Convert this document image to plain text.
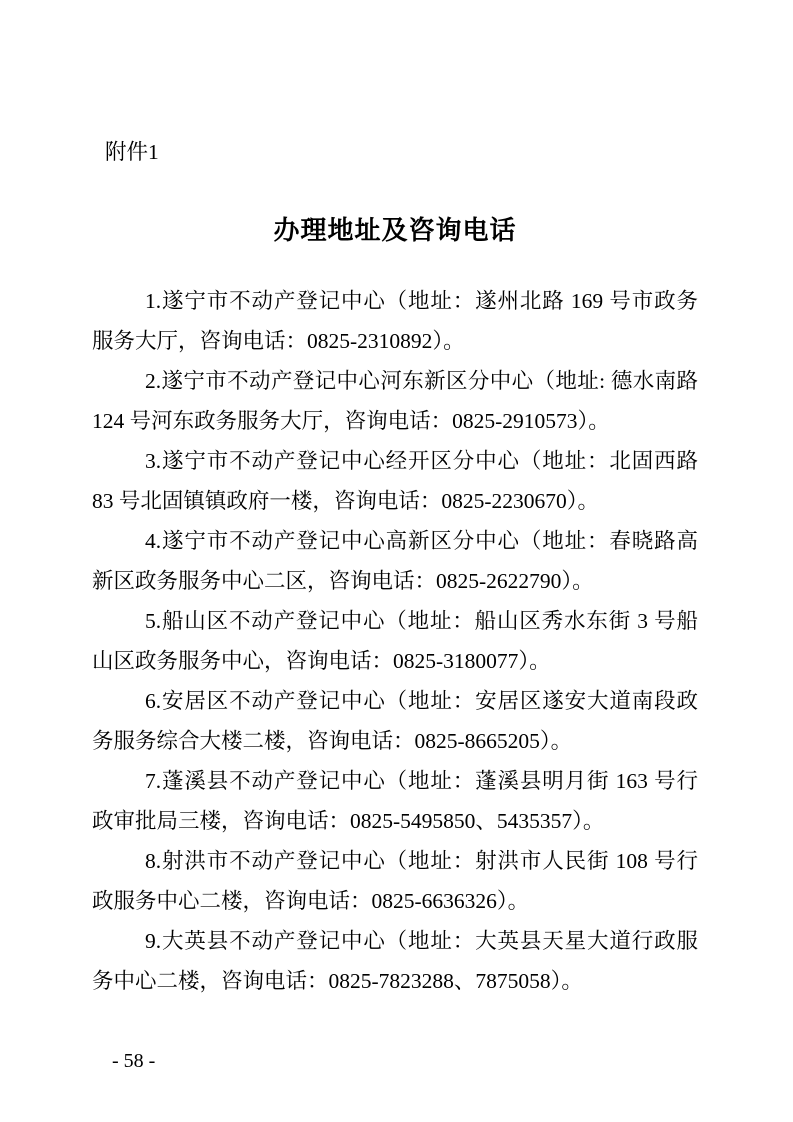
附件1
办理地址及咨询电话

1.遂宁市不动产登记中心（地址：遂州北路 169 号市政务服务大厅，咨询电话：0825-2310892）。

2.遂宁市不动产登记中心河东新区分中心（地址: 德水南路 124 号河东政务服务大厅，咨询电话：0825-2910573）。

3.遂宁市不动产登记中心经开区分中心（地址：北固西路 83 号北固镇镇政府一楼，咨询电话：0825-2230670）。

4.遂宁市不动产登记中心高新区分中心（地址：春晓路高新区政务服务中心二区，咨询电话：0825-2622790）。

5.船山区不动产登记中心（地址：船山区秀水东街 3 号船山区政务服务中心，咨询电话：0825-3180077）。

6.安居区不动产登记中心（地址：安居区遂安大道南段政务服务综合大楼二楼，咨询电话：0825-8665205）。

7.蓬溪县不动产登记中心（地址：蓬溪县明月街 163 号行政审批局三楼，咨询电话：0825-5495850、5435357）。

8.射洪市不动产登记中心（地址：射洪市人民街 108 号行政服务中心二楼，咨询电话：0825-6636326）。

9.大英县不动产登记中心（地址：大英县天星大道行政服务中心二楼，咨询电话：0825-7823288、7875058）。

- 58 -
